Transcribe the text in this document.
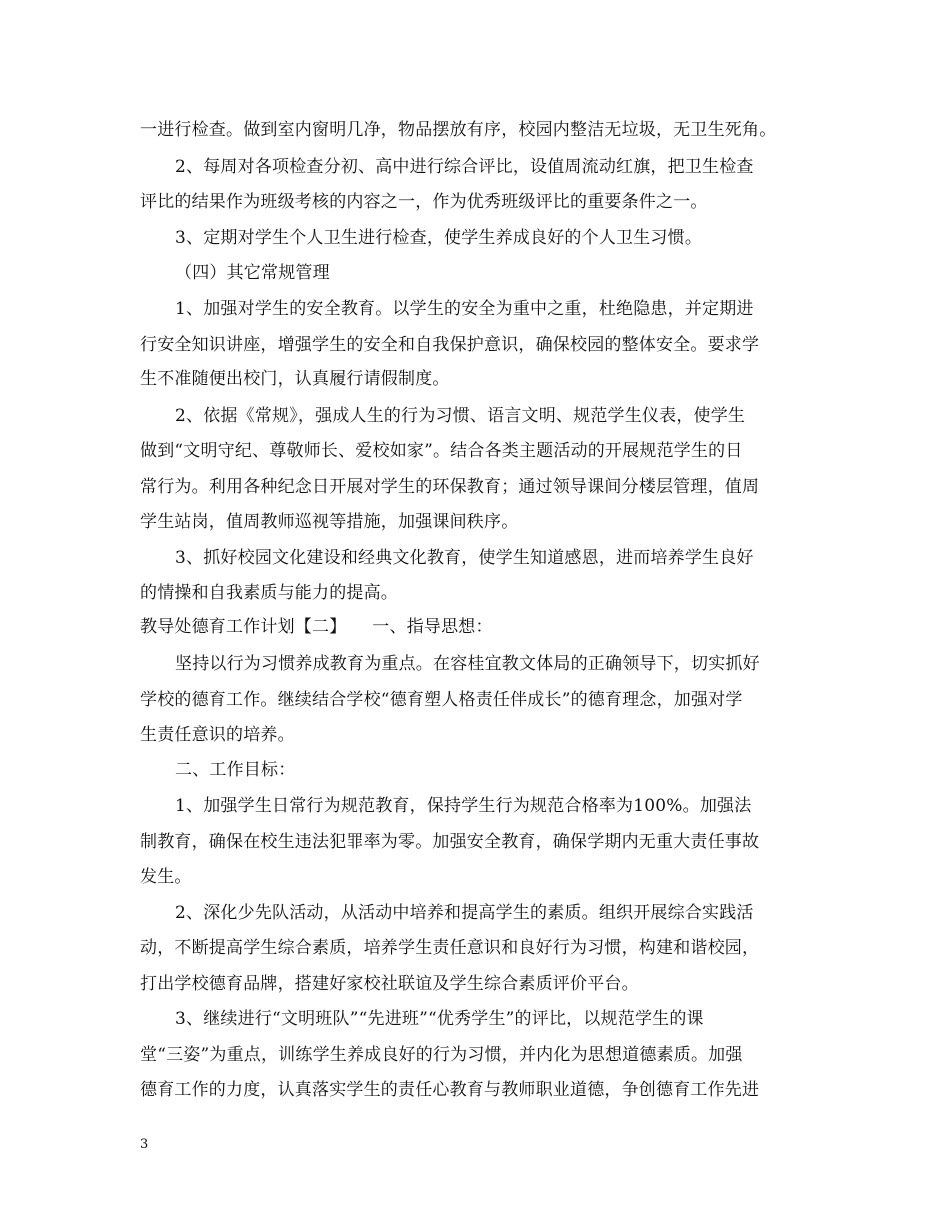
一进行检查。做到室内窗明几净，物品摆放有序，校园内整洁无垃圾，无卫生死角。
2、每周对各项检查分初、高中进行综合评比，设值周流动红旗，把卫生检查
评比的结果作为班级考核的内容之一，作为优秀班级评比的重要条件之一。
3、定期对学生个人卫生进行检查，使学生养成良好的个人卫生习惯。
（四）其它常规管理
1、加强对学生的安全教育。以学生的安全为重中之重，杜绝隐患，并定期进
行安全知识讲座，增强学生的安全和自我保护意识，确保校园的整体安全。要求学
生不准随便出校门，认真履行请假制度。
2、依据《常规》，强成人生的行为习惯、语言文明、规范学生仪表，使学生
做到“文明守纪、尊敬师长、爱校如家”。结合各类主题活动的开展规范学生的日
常行为。利用各种纪念日开展对学生的环保教育；通过领导课间分楼层管理，值周
学生站岗，值周教师巡视等措施，加强课间秩序。
3、抓好校园文化建设和经典文化教育，使学生知道感恩，进而培养学生良好
的情操和自我素质与能力的提高。
教导处德育工作计划【二】　　一、指导思想：
坚持以行为习惯养成教育为重点。在容桂宜教文体局的正确领导下，切实抓好
学校的德育工作。继续结合学校“德育塑人格责任伴成长”的德育理念，加强对学
生责任意识的培养。
二、工作目标：
1、加强学生日常行为规范教育，保持学生行为规范合格率为100%。加强法
制教育，确保在校生违法犯罪率为零。加强安全教育，确保学期内无重大责任事故
发生。
2、深化少先队活动，从活动中培养和提高学生的素质。组织开展综合实践活
动，不断提高学生综合素质，培养学生责任意识和良好行为习惯，构建和谐校园，
打出学校德育品牌，搭建好家校社联谊及学生综合素质评价平台。
3、继续进行“文明班队”“先进班”“优秀学生”的评比，以规范学生的课
堂“三姿”为重点，训练学生养成良好的行为习惯，并内化为思想道德素质。加强
德育工作的力度，认真落实学生的责任心教育与教师职业道德，争创德育工作先进
3
